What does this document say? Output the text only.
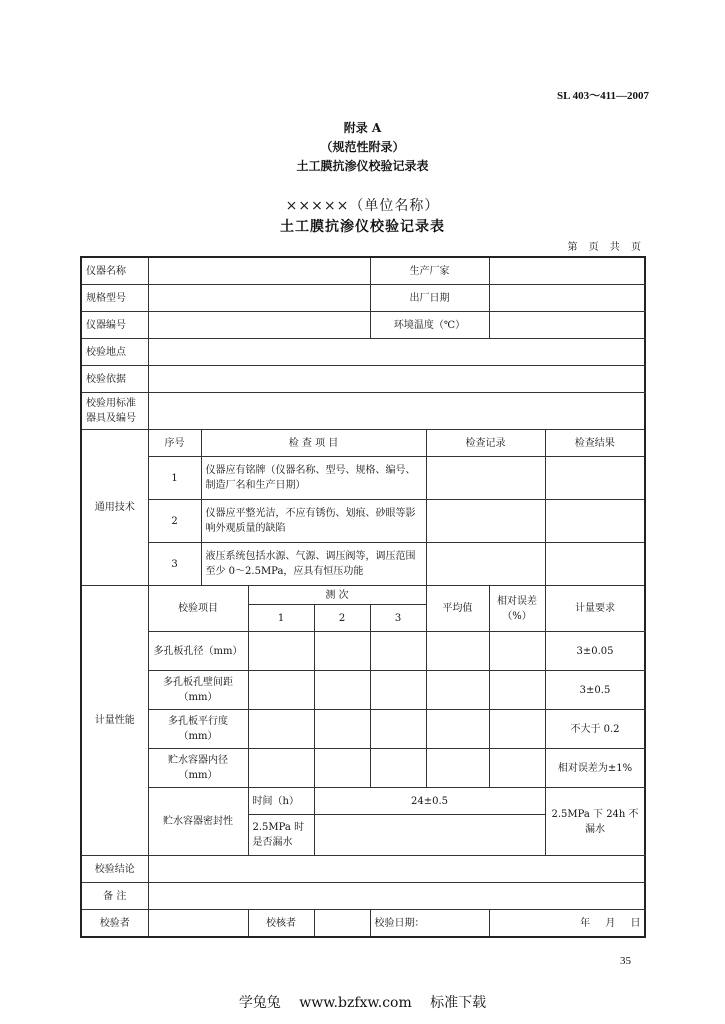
SL 403～411—2007
附录 A
（规范性附录）
土工膜抗渗仪校验记录表
×××××（单位名称）
土工膜抗渗仪校验记录表
第 页 共 页
仪器名称					生产厂家			
规格型号					出厂日期			
仪器编号					环境温度（℃）			
校验地点								
校验依据								
校验用标准器具及编号								
通用技术	序号	检 查 项 目				检查记录		检查结果
	1	仪器应有铭牌（仪器名称、型号、规格、编号、制造厂名和生产日期）						
	2	仪器应平整光洁，不应有锈伤、划痕、砂眼等影响外观质量的缺陷						
	3	液压系统包括水源、气源、调压阀等，调压范围至少 0～2.5MPa，应具有恒压功能						
计量性能	校验项目		测 次			平均值	相对误差（%）	计量要求
			1	2	3			
	多孔板孔径（mm）							3±0.05
	多孔板孔壁间距（mm）							3±0.5
	多孔板平行度（mm）							不大于 0.2
	贮水容器内径（mm）							相对误差为±1%
	贮水容器密封性		时间（h）	24±0.5				2.5MPa 下 24h 不漏水
			2.5MPa 时是否漏水					
校验结论								
备 注								
校验者			校核者		校验日期：		年 月 日	
35
学兔兔 www.bzfxw.com 标准下载
